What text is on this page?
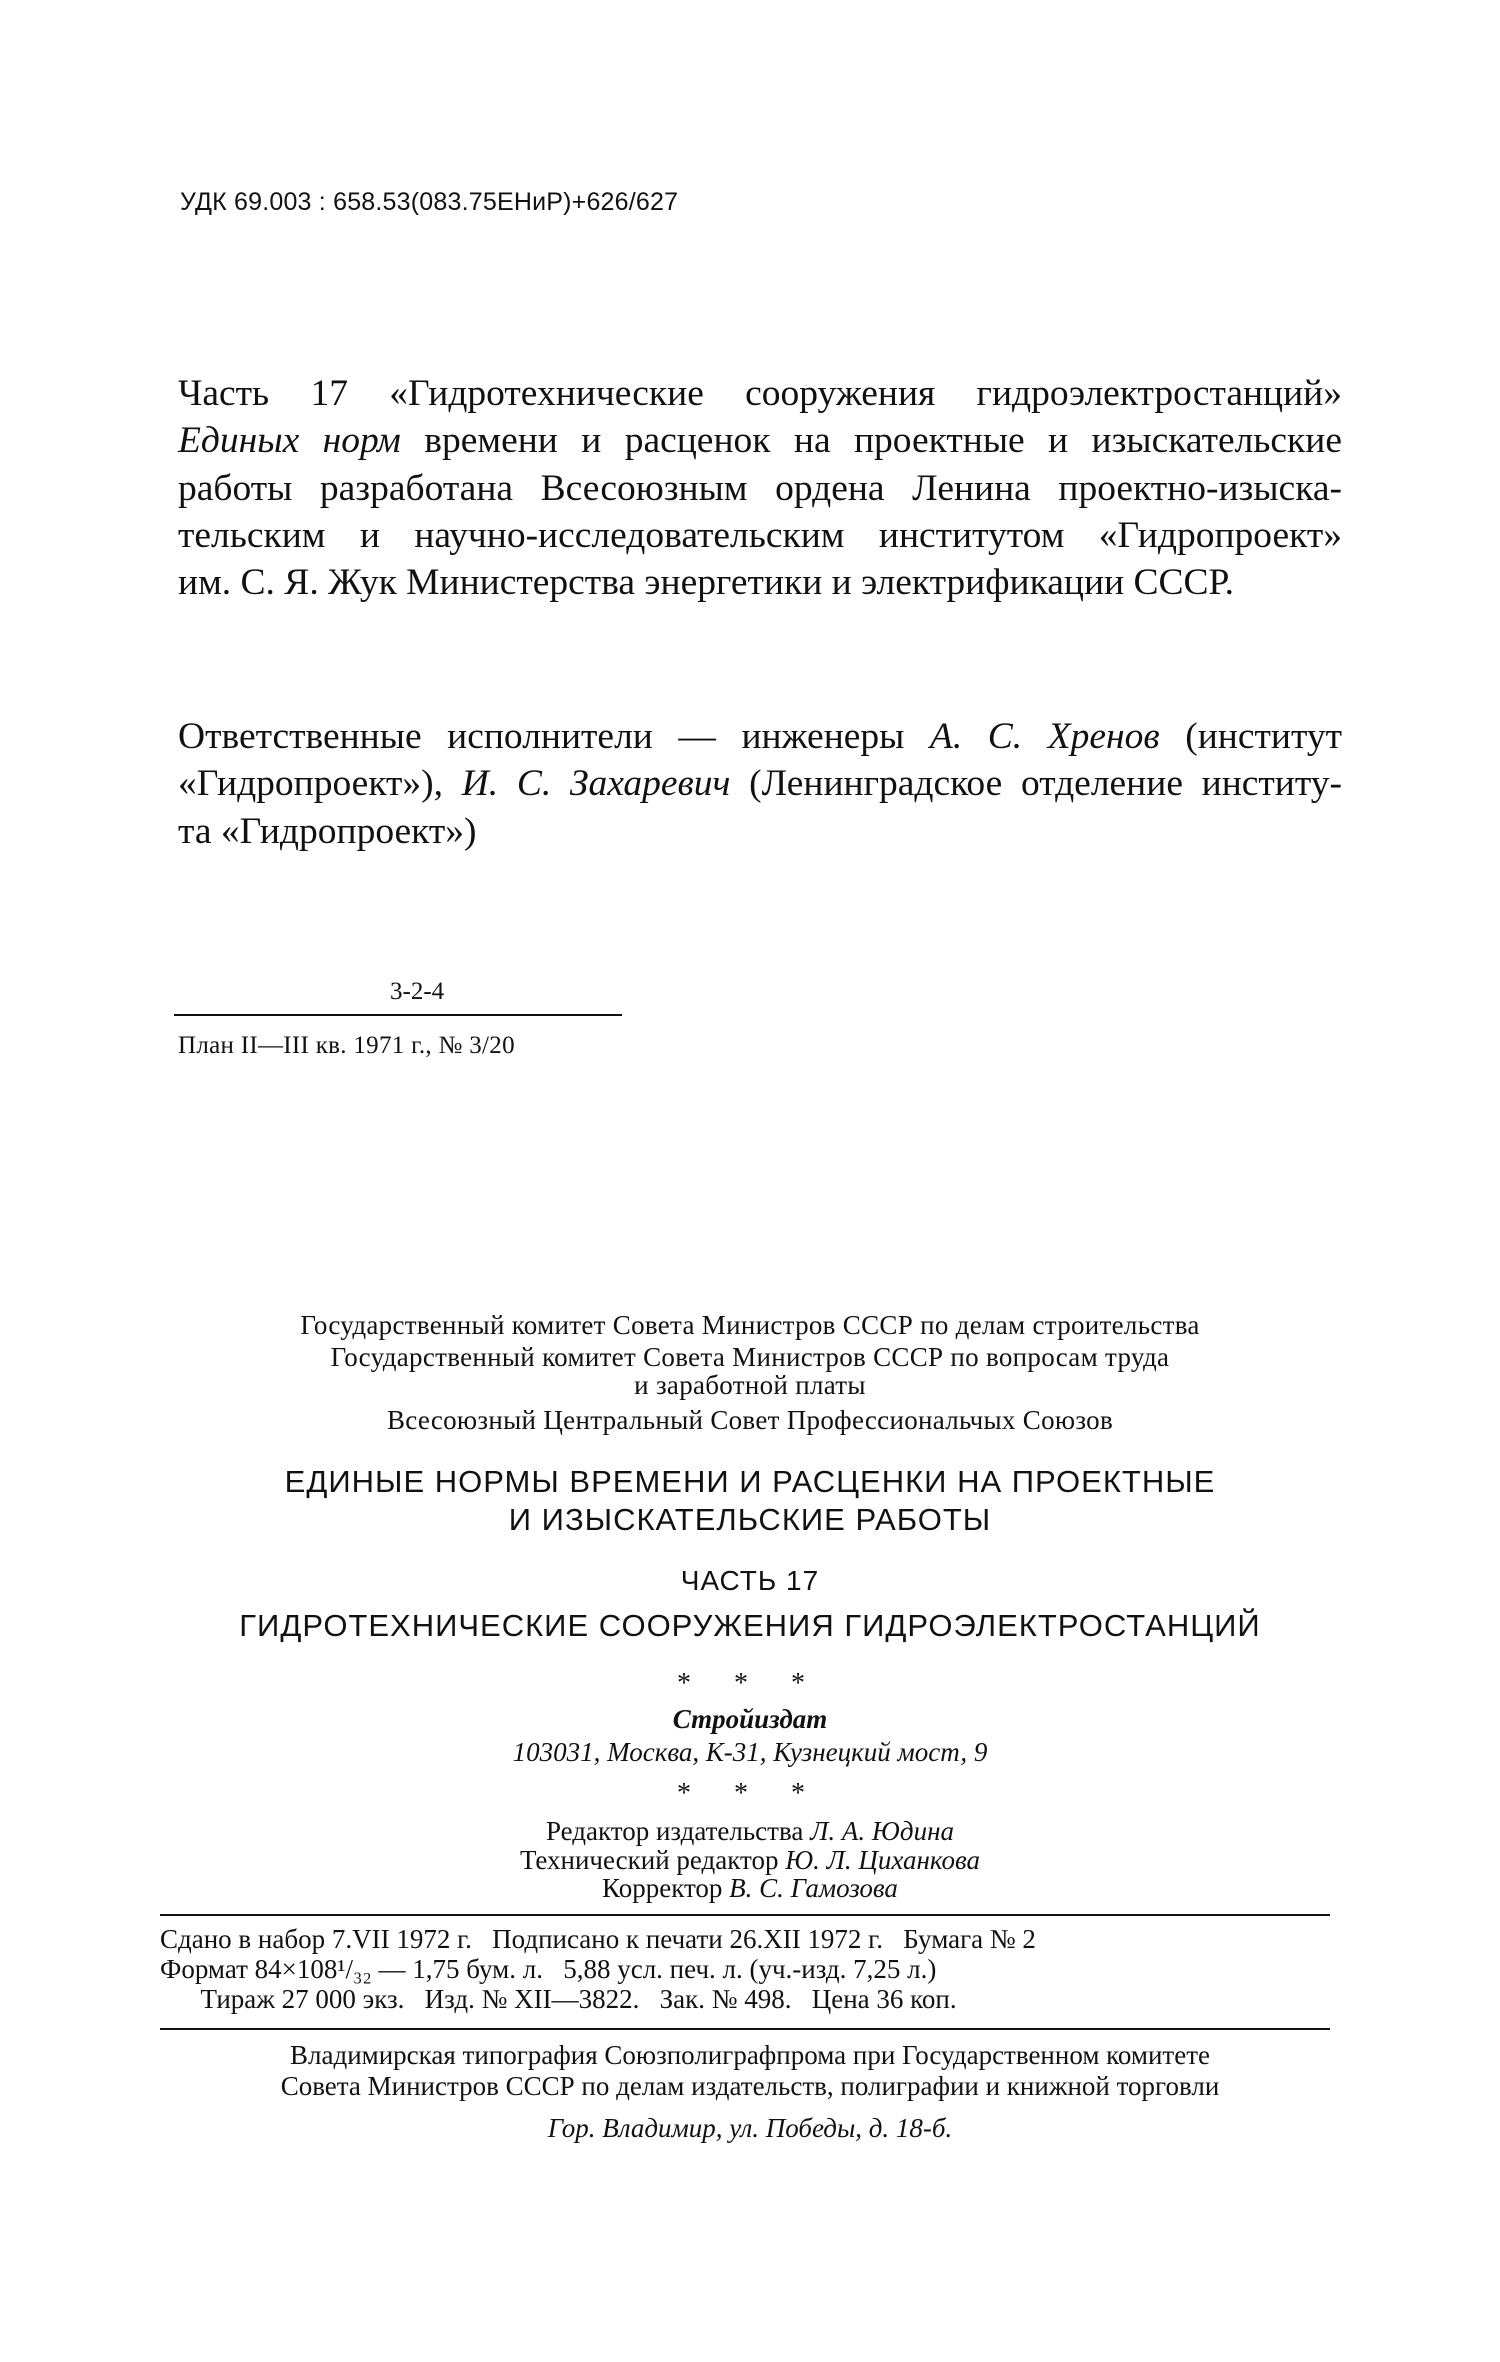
УДК 69.003 : 658.53(083.75ЕНиР)+626/627
Часть 17 «Гидротехнические сооружения гидроэлектростанций»
Единых норм времени и расценок на проектные и изыскательские
работы разработана Всесоюзным ордена Ленина проектно-изыска-
тельским и научно-исследовательским институтом «Гидропроект»
им. С. Я. Жук Министерства энергетики и электрификации СССР.
Ответственные исполнители — инженеры А. С. Хренов (институт
«Гидропроект»), И. С. Захаревич (Ленинградское отделение институ-
та «Гидропроект»)
3-2-4
План II—III кв. 1971 г., № 3/20
Государственный комитет Совета Министров СССР по делам строительства
Государственный комитет Совета Министров СССР по вопросам труда
и заработной платы
Всесоюзный Центральный Совет Профессиональчых Союзов
ЕДИНЫЕ НОРМЫ ВРЕМЕНИ И РАСЦЕНКИ НА ПРОЕКТНЫЕ
И ИЗЫСКАТЕЛЬСКИЕ РАБОТЫ
ЧАСТЬ 17
ГИДРОТЕХНИЧЕСКИЕ СООРУЖЕНИЯ ГИДРОЭЛЕКТРОСТАНЦИЙ
* * *
Стройиздат
103031, Москва, К-31, Кузнецкий мост, 9
* * *
Редактор издательства Л. А. Юдина
Технический редактор Ю. Л. Циханкова
Корректор В. С. Гамозова
Сдано в набор 7.VII 1972 г.   Подписано к печати 26.XII 1972 г.   Бумага № 2
Формат 84×108¹/₃₂ — 1,75 бум. л.   5,88 усл. печ. л. (уч.-изд. 7,25 л.)
Тираж 27 000 экз.   Изд. № XII—3822.   Зак. № 498.   Цена 36 коп.
Владимирская типография Союзполиграфпрома при Государственном комитете
Совета Министров СССР по делам издательств, полиграфии и книжной торговли
Гор. Владимир, ул. Победы, д. 18-б.
